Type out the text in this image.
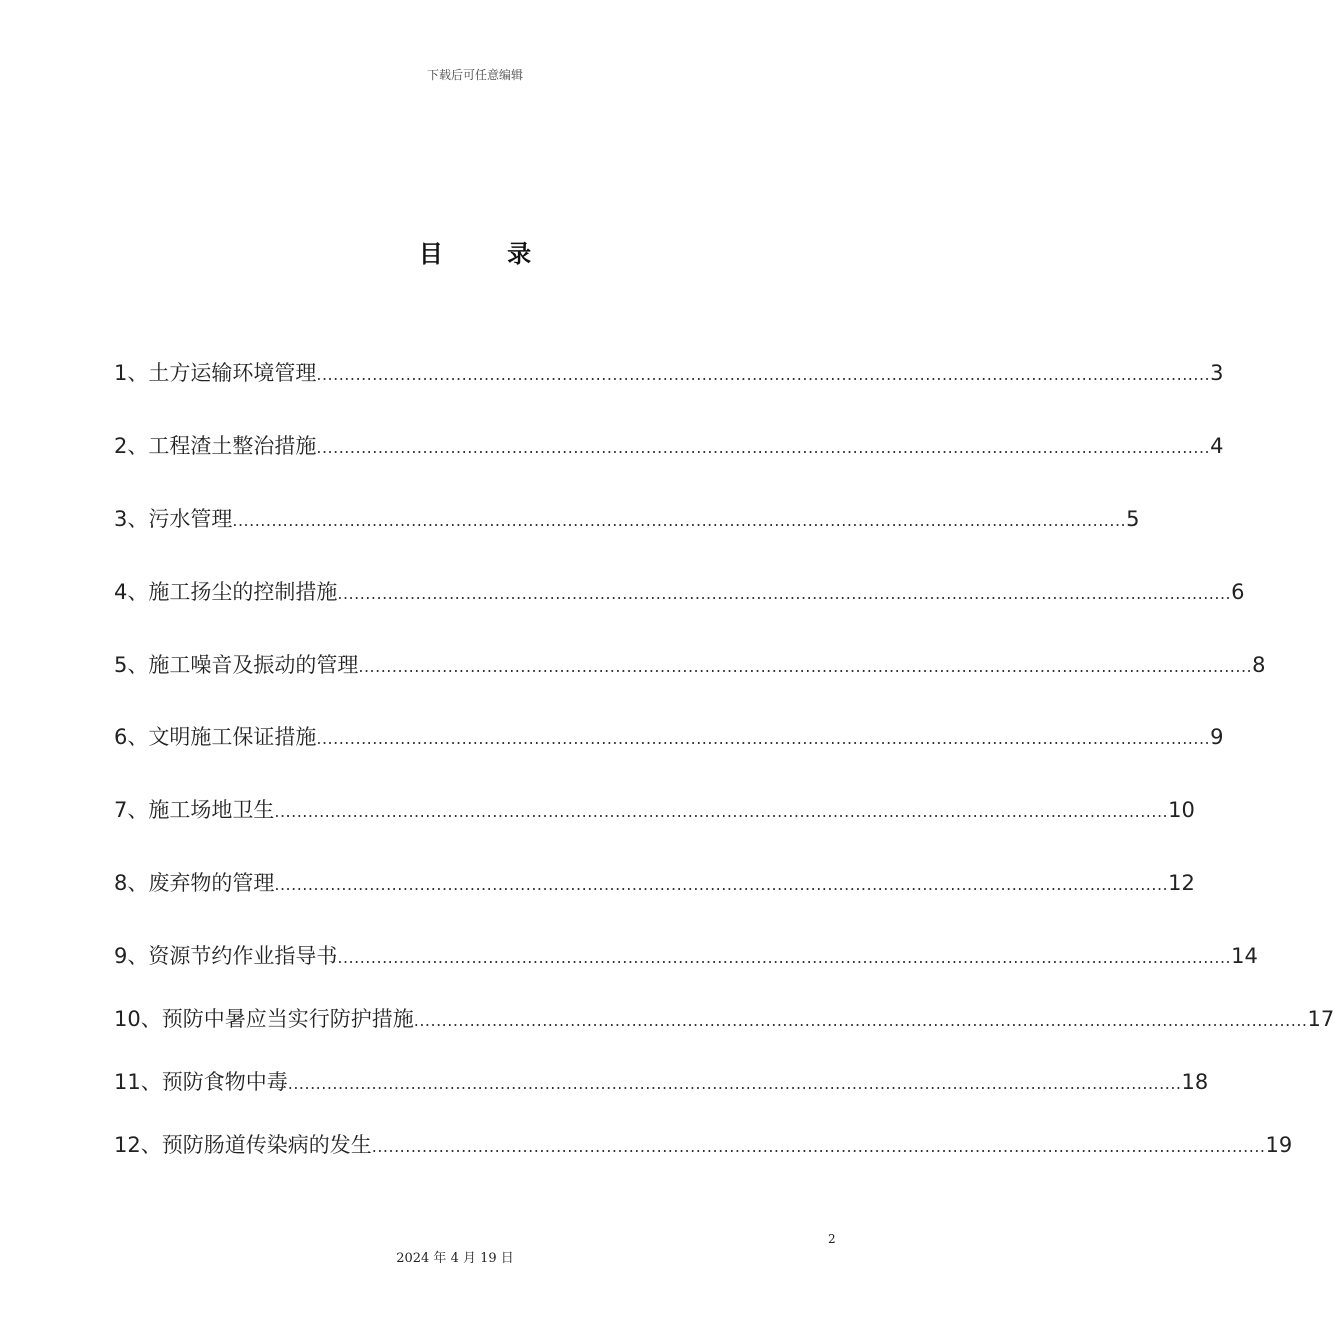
下载后可任意编辑
目 录
1、土方运输环境管理 ................................................................................................................................................................ 3
2、工程渣土整治措施 ................................................................................................................................................................ 4
3、污水管理 ................................................................................................................................................................ 5
4、施工扬尘的控制措施 ................................................................................................................................................................ 6
5、施工噪音及振动的管理 ................................................................................................................................................................ 8
6、文明施工保证措施 ................................................................................................................................................................ 9
7、施工场地卫生 ................................................................................................................................................................ 10
8、废弃物的管理 ................................................................................................................................................................ 12
9、资源节约作业指导书 ................................................................................................................................................................ 14
10、预防中暑应当实行防护措施 ................................................................................................................................................................ 17
11、预防食物中毒 ................................................................................................................................................................ 18
12、预防肠道传染病的发生 ................................................................................................................................................................ 19
2
2024 年 4 月 19 日
